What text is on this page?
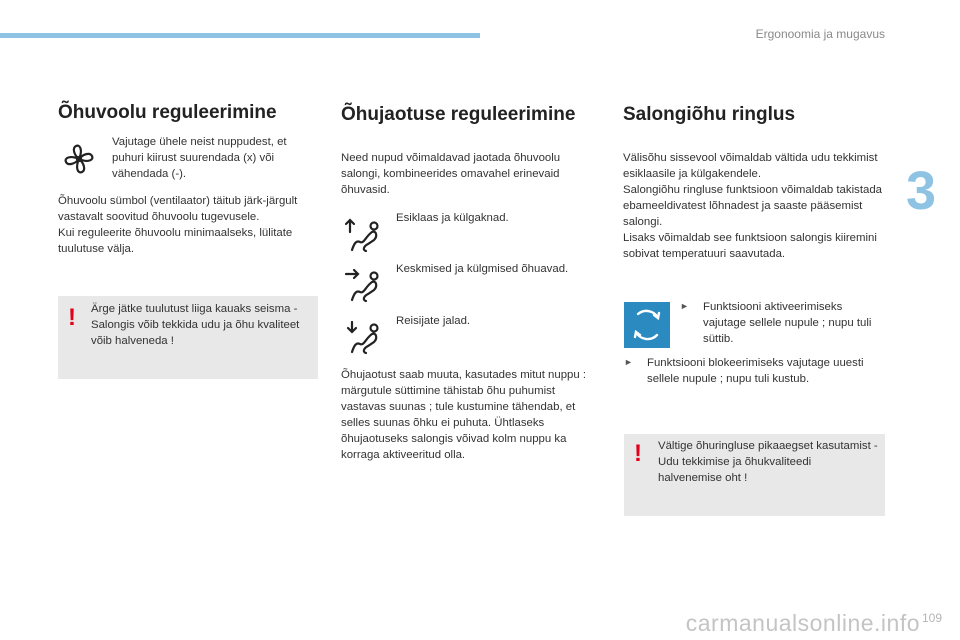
Ergonoomia ja mugavus
3
Õhuvoolu reguleerimine

Vajutage ühele neist nuppudest, et puhuri kiirust suurendada (x) või vähendada (-).

Õhuvoolu sümbol (ventilaator) täitub järk-järgult vastavalt soovitud õhuvoolu tugevusele.

Kui reguleerite õhuvoolu minimaalseks, lülitate tuulutuse välja.

! Ärge jätke tuulutust liiga kauaks seisma - Salongis võib tekkida udu ja õhu kvaliteet võib halveneda !

Õhujaotuse reguleerimine

Need nupud võimaldavad jaotada õhuvoolu salongi, kombineerides omavahel erinevaid õhuvasid.

Esiklaas ja külgaknad.

Keskmised ja külgmised õhuavad.

Reisijate jalad.

Õhujaotust saab muuta, kasutades mitut nuppu : märgutule süttimine tähistab õhu puhumist vastavas suunas ; tule kustumine tähendab, et selles suunas õhku ei puhuta. Ühtlaseks õhujaotuseks salongis võivad kolm nuppu ka korraga aktiveeritud olla.

Salongiõhu ringlus

Välisõhu sissevool võimaldab vältida udu tekkimist esiklaasile ja külgakendele.

Salongiõhu ringluse funktsioon võimaldab takistada ebameeldivatest lõhnadest ja saaste pääsemist salongi.

Lisaks võimaldab see funktsioon salongis kiiremini sobivat temperatuuri saavutada.

► Funktsiooni aktiveerimiseks vajutage sellele nupule ; nupu tuli süttib.

► Funktsiooni blokeerimiseks vajutage uuesti sellele nupule ; nupu tuli kustub.

! Vältige õhuringluse pikaaegset kasutamist - Udu tekkimise ja õhukvaliteedi halvenemise oht !

109
carmanualsonline.info
